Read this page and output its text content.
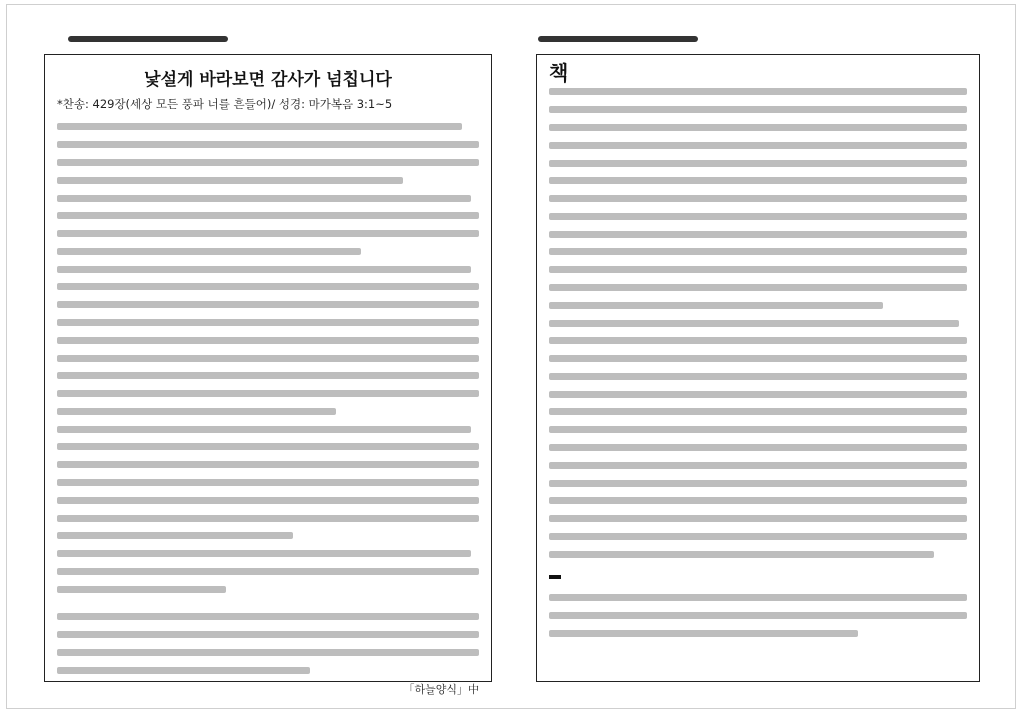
낯설게 바라보면 감사가 넘칩니다
*찬송: 429장(세상 모든 풍파 너를 흔들어)/ 성경: 마가복음 3:1~5
「하늘양식」中
책
